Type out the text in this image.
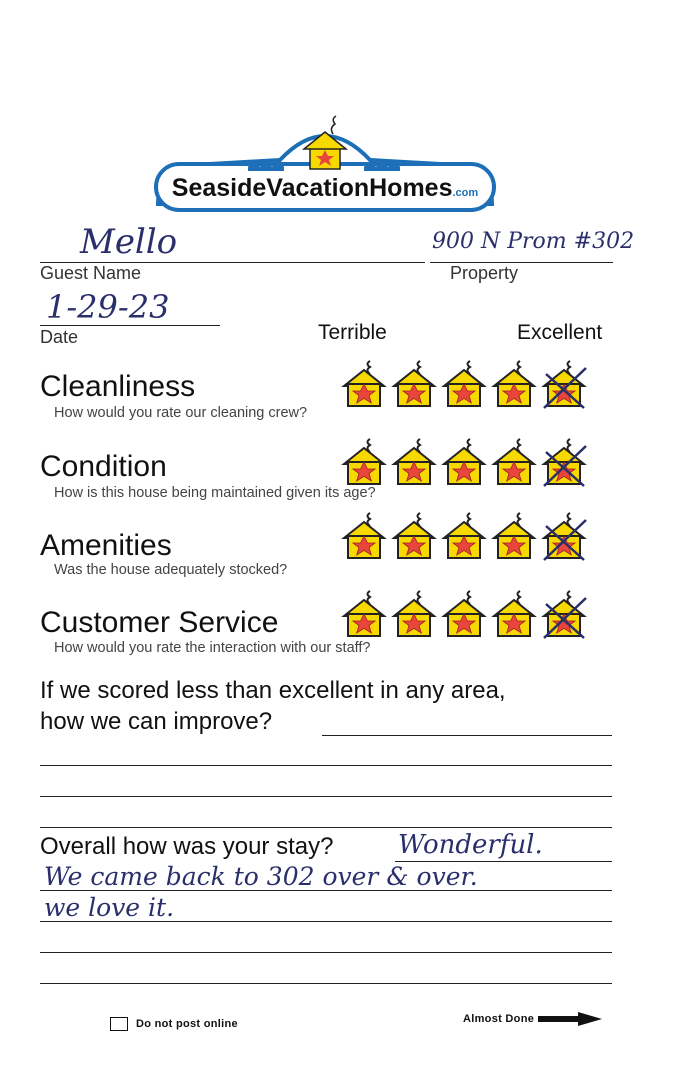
SeasideVacationHomes.com
Mello
Guest Name
900 N Prom #302
Property
1-29-23
Date	Terrible	Excellent
Cleanliness
How would you rate our cleaning crew?
Condition
How is this house being maintained given its age?
Amenities
Was the house adequately stocked?
Customer Service
How would you rate the interaction with our staff?
If we scored less than excellent in any area,
how we can improve?
Overall how was your stay? Wonderful.
We came back to 302 over & over.
we love it.
Do not post online	Almost Done
